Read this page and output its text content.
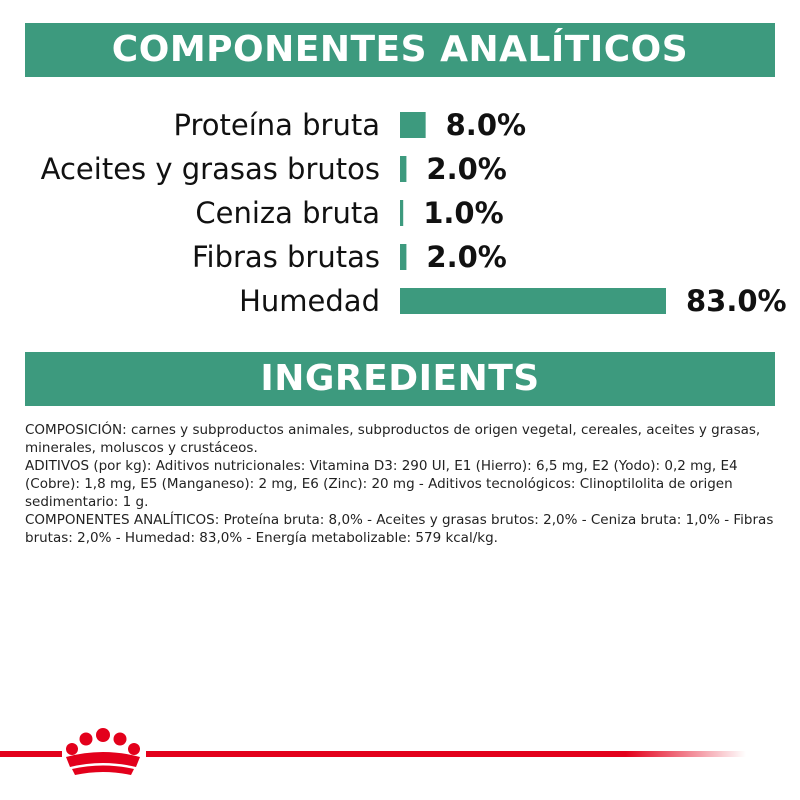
COMPONENTES ANALÍTICOS
Proteína bruta 8.0%
Aceites y grasas brutos 2.0%
Ceniza bruta 1.0%
Fibras brutas 2.0%
Humedad	83.0%
INGREDIENTS

COMPOSICIÓN: carnes y subproductos animales, subproductos de origen vegetal, cereales, aceites y grasas, minerales, moluscos y crustáceos.

ADITIVOS (por kg): Aditivos nutricionales: Vitamina D3: 290 UI, E1 (Hierro): 6,5 mg, E2 (Yodo): 0,2 mg, E4 (Cobre): 1,8 mg, E5 (Manganeso): 2 mg, E6 (Zinc): 20 mg - Aditivos tecnológicos: Clinoptilolita de origen sedimentario: 1 g.

COMPONENTES ANALÍTICOS: Proteína bruta: 8,0% - Aceites y grasas brutos: 2,0% - Ceniza bruta: 1,0% - Fibras brutas: 2,0% - Humedad: 83,0% - Energía metabolizable: 579 kcal/kg.
